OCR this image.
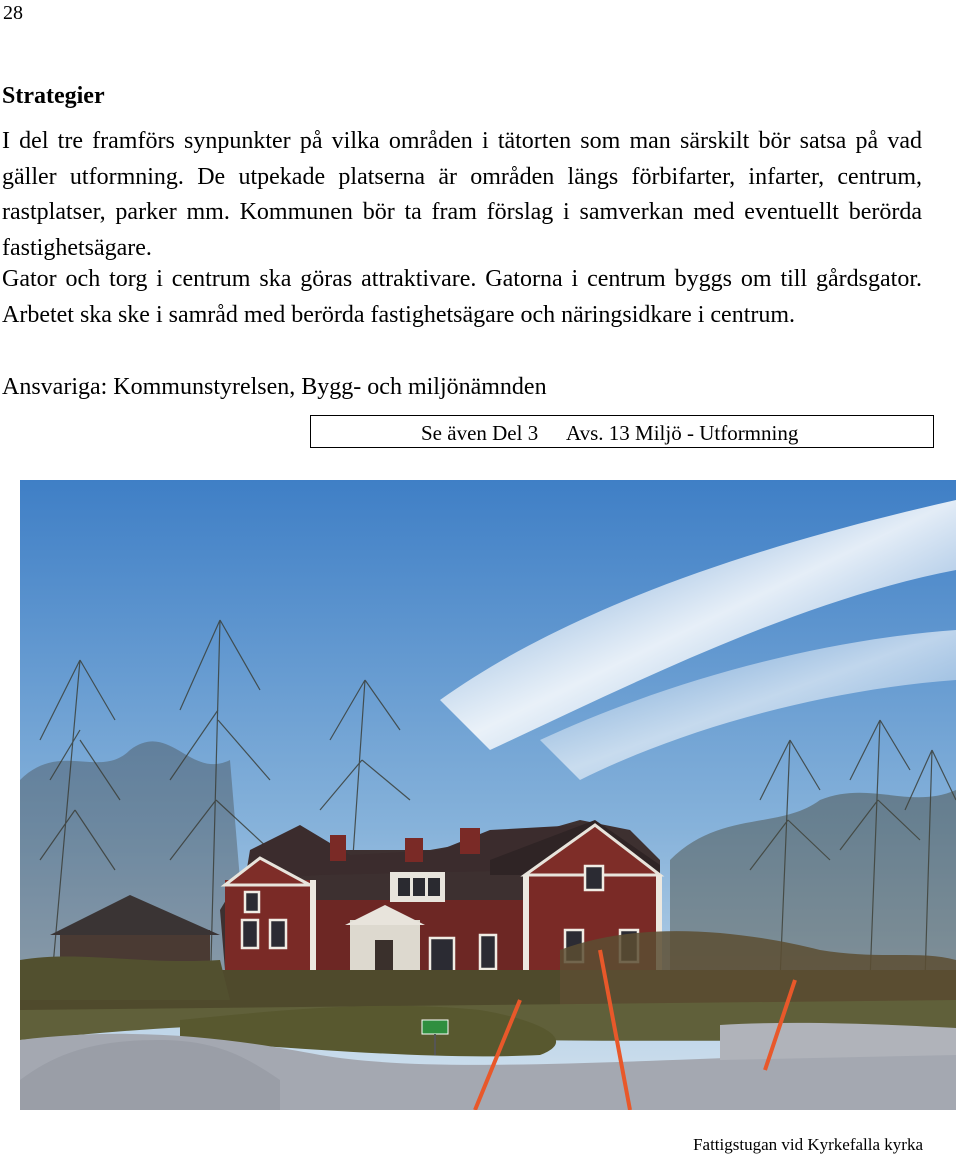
28
Strategier

I del tre framförs synpunkter på vilka områden i tätorten som man särskilt bör satsa på vad gäller utformning. De utpekade platserna är områden längs förbifarter, infarter, centrum, rastplatser, parker mm. Kommunen bör ta fram förslag i samverkan med eventuellt berörda fastighetsägare.

Gator och torg i centrum ska göras attraktivare. Gatorna i centrum byggs om till gårdsgator. Arbetet ska ske i samråd med berörda fastighetsägare och näringsidkare i centrum.

Ansvariga: Kommunstyrelsen, Bygg- och miljönämnden

Se även Del 3 Avs. 13 Miljö - Utformning
Fattigstugan vid Kyrkefalla kyrka
